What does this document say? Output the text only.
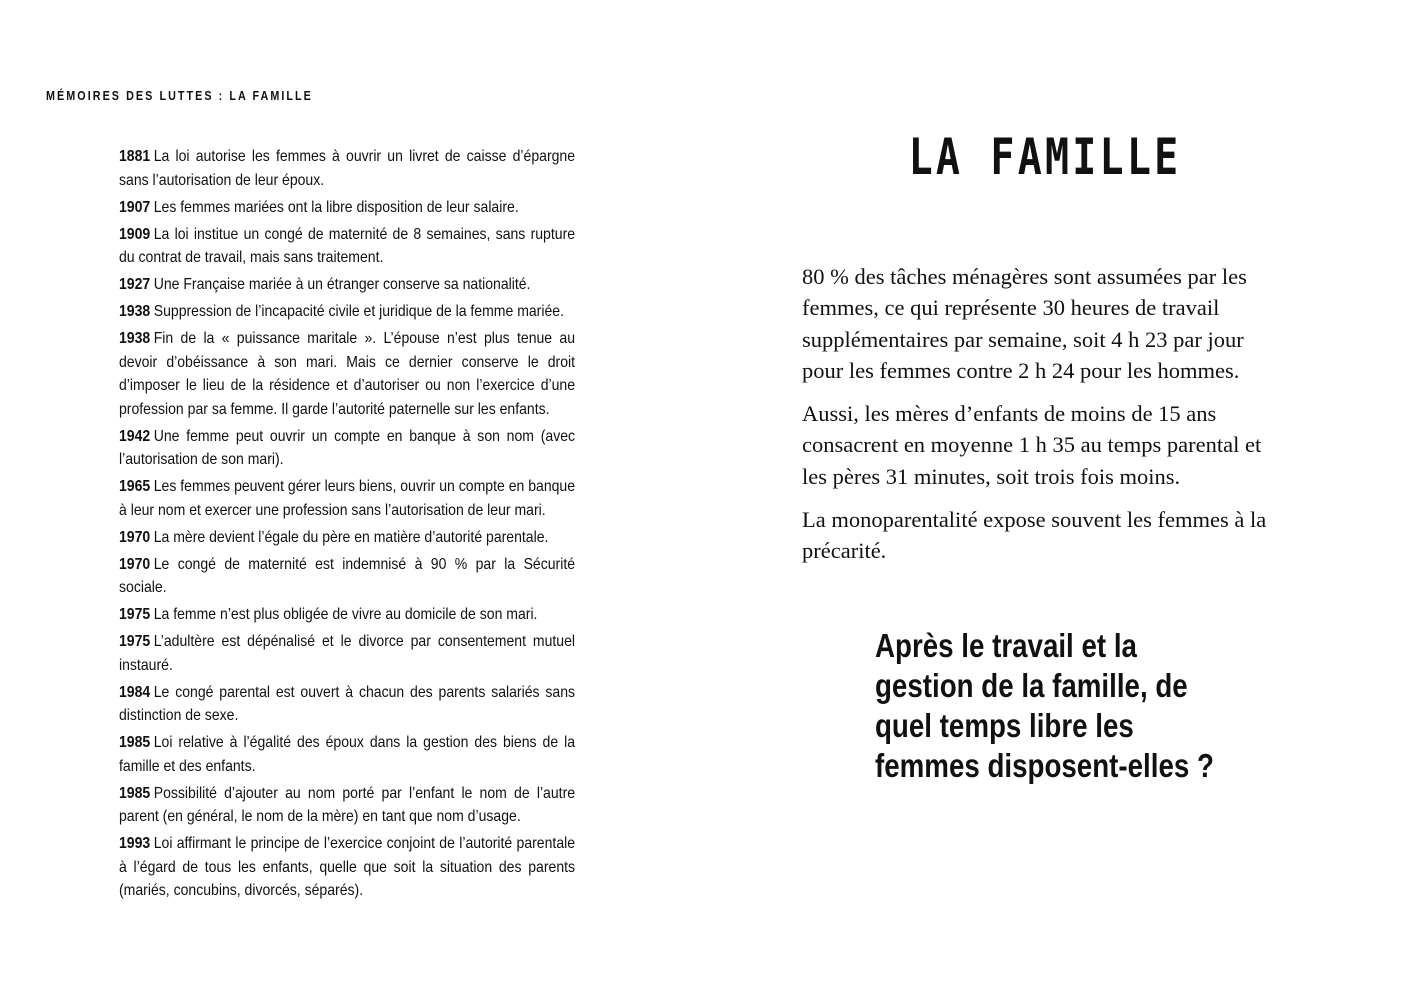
MÉMOIRES DES LUTTES : LA FAMILLE

1881 La loi autorise les femmes à ouvrir un livret de caisse d’épargne sans l’autorisation de leur époux.

1907 Les femmes mariées ont la libre disposition de leur salaire.

1909 La loi institue un congé de maternité de 8 semaines, sans rupture du contrat de travail, mais sans traitement.

1927 Une Française mariée à un étranger conserve sa nationalité.

1938 Suppression de l’incapacité civile et juridique de la femme mariée.

1938 Fin de la « puissance maritale ». L’épouse n’est plus tenue au devoir d’obéissance à son mari. Mais ce dernier conserve le droit d’imposer le lieu de la résidence et d’autoriser ou non l’exercice d’une profession par sa femme. Il garde l’autorité paternelle sur les enfants.

1942 Une femme peut ouvrir un compte en banque à son nom (avec l’autorisation de son mari).

1965 Les femmes peuvent gérer leurs biens, ouvrir un compte en banque à leur nom et exercer une profession sans l’autorisation de leur mari.

1970 La mère devient l’égale du père en matière d’autorité parentale.

1970 Le congé de maternité est indemnisé à 90 % par la Sécurité sociale.

1975 La femme n’est plus obligée de vivre au domicile de son mari.

1975 L’adultère est dépénalisé et le divorce par consentement mutuel instauré.

1984 Le congé parental est ouvert à chacun des parents salariés sans distinction de sexe.

1985 Loi relative à l’égalité des époux dans la gestion des biens de la famille et des enfants.

1985 Possibilité d’ajouter au nom porté par l’enfant le nom de l’autre parent (en général, le nom de la mère) en tant que nom d’usage.

1993 Loi affirmant le principe de l’exercice conjoint de l’autorité parentale à l’égard de tous les enfants, quelle que soit la situation des parents (mariés, concubins, divorcés, séparés).

LA FAMILLE

80 % des tâches ménagères sont assumées par les femmes, ce qui représente 30 heures de travail supplémentaires par semaine, soit 4 h 23 par jour pour les femmes contre 2 h 24 pour les hommes.

Aussi, les mères d’enfants de moins de 15 ans consacrent en moyenne 1 h 35 au temps parental et les pères 31 minutes, soit trois fois moins.

La monoparentalité expose souvent les femmes à la précarité.

Après le travail et la gestion de la famille, de quel temps libre les femmes disposent-elles ?
